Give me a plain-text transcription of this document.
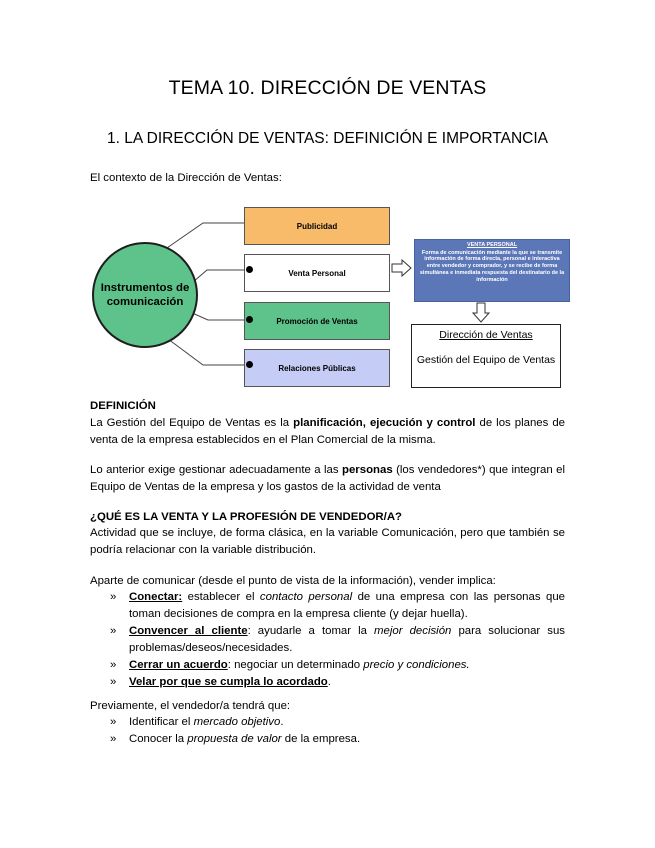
TEMA 10. DIRECCIÓN DE VENTAS
1. LA DIRECCIÓN DE VENTAS: DEFINICIÓN E IMPORTANCIA
El contexto de la Dirección de Ventas:
Instrumentos de comunicación
Publicidad
Venta Personal
Promoción de Ventas
Relaciones Públicas
VENTA PERSONAL
Forma de comunicación mediante la que se transmite información de forma directa, personal e interactiva entre vendedor y comprador, y se recibe de forma simultánea e inmediata respuesta del destinatario de la información
Dirección de Ventas
Gestión del Equipo de Ventas
DEFINICIÓN
La Gestión del Equipo de Ventas es la planificación, ejecución y control de los planes de venta de la empresa establecidos en el Plan Comercial de la misma.
Lo anterior exige gestionar adecuadamente a las personas (los vendedores*) que integran el Equipo de Ventas de la empresa y los gastos de la actividad de venta
¿QUÉ ES LA VENTA Y LA PROFESIÓN DE VENDEDOR/A?
Actividad que se incluye, de forma clásica, en la variable Comunicación, pero que también se podría relacionar con la variable distribución.
Aparte de comunicar (desde el punto de vista de la información), vender implica:
» Conectar: establecer el contacto personal de una empresa con las personas que toman decisiones de compra en la empresa cliente (y dejar huella).
» Convencer al cliente: ayudarle a tomar la mejor decisión para solucionar sus problemas/deseos/necesidades.
» Cerrar un acuerdo: negociar un determinado precio y condiciones.
» Velar por que se cumpla lo acordado.
Previamente, el vendedor/a tendrá que:
» Identificar el mercado objetivo.
» Conocer la propuesta de valor de la empresa.
